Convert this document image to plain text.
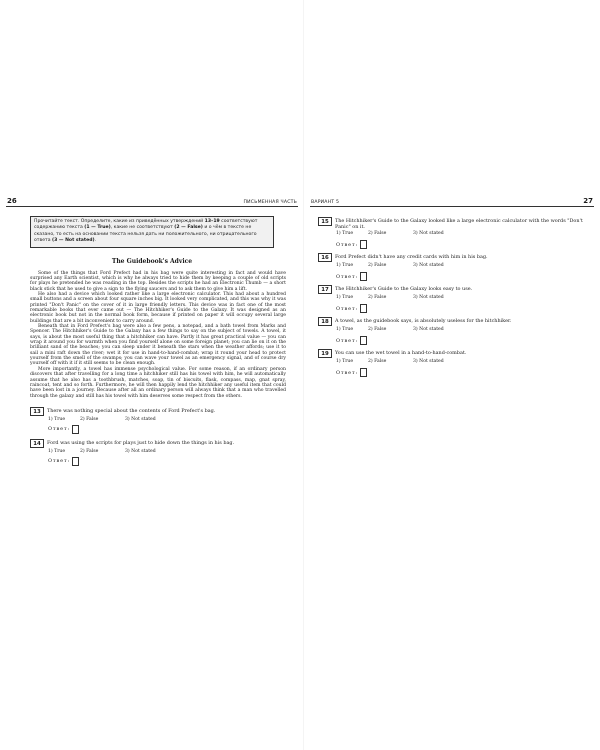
26	ПИСЬМЕННАЯ ЧАСТЬ
Прочитайте текст. Определите, какие из приведённых утверждений 13–19 соответствуют содержанию текста (1 — True), какие не соответствуют (2 — False) и о чём в тексте не сказано, то есть на основании текста нельзя дать ни положительного, ни отрицательного ответа (3 — Not stated).
The Guidebook's Advice

Some of the things that Ford Prefect had in his bag were quite interesting in fact and would have surprised any Earth scientist, which is why he always tried to hide them by keeping a couple of old scripts for plays he pretended he was reading in the top. Besides the scripts he had an Electronic Thumb — a short black stick that he used to give a sign to the flying saucers and to ask them to give him a lift.

He also had a device which looked rather like a large electronic calculator. This had about a hundred small buttons and a screen about four square inches big. It looked very complicated, and this was why it was printed "Don't Panic" on the cover of it in large friendly letters. This device was in fact one of the most remarkable books that ever came out — The Hitchhiker's Guide to the Galaxy. It was designed as an electronic book but not in the normal book form, because if printed on paper it will occupy several large buildings that are a bit inconvenient to carry around.

Beneath that in Ford Prefect's bag were also a few pens, a notepad, and a bath towel from Marks and Spencer. The Hitchhiker's Guide to the Galaxy has a few things to say on the subject of towels. A towel, it says, is about the most useful thing that a hitchhiker can have. Partly it has great practical value — you can wrap it around you for warmth when you find yourself alone on some foreign planet; you can lie on it on the brilliant sand of the beaches; you can sleep under it beneath the stars when the weather affords; use it to sail a mini raft down the river; wet it for use in hand-to-hand-combat; wrap it round your head to protect yourself from the smell of the swamps; you can wave your towel as an emergency signal, and of course dry yourself off with it if it still seems to be clean enough.

More importantly, a towel has immense psychological value. For some reason, if an ordinary person discovers that after travelling for a long time a hitchhiker still has his towel with him, he will automatically assume that he also has a toothbrush, matches, soap, tin of biscuits, flask, compass, map, gnat spray, raincoat, tent and so forth. Furthermore, he will then happily lend the hitchhiker any useful item that could have been lost in a journey. Because after all an ordinary person will always think that a man who travelled through the galaxy and still has his towel with him deserves some respect from the others.

13	There was nothing special about the contents of Ford Prefect's bag.
1) True	2) False	3) Not stated
Ответ:
14	Ford was using the scripts for plays just to hide down the things in his bag.
1) True	2) False	3) Not stated
Ответ:
ВАРИАНТ 5	27
15	The Hitchhiker's Guide to the Galaxy looked like a large electronic calculator with the words "Don't Panic" on it.
1) True	2) False	3) Not stated
Ответ:
16	Ford Prefect didn't have any credit cards with him in his bag.
1) True	2) False	3) Not stated
Ответ:
17	The Hitchhiker's Guide to the Galaxy looks easy to use.
1) True	2) False	3) Not stated
Ответ:
18	A towel, as the guidebook says, is absolutely useless for the hitchhiker.
1) True	2) False	3) Not stated
Ответ:
19	You can use the wet towel in a hand-to-hand-combat.
1) True	2) False	3) Not stated
Ответ:
